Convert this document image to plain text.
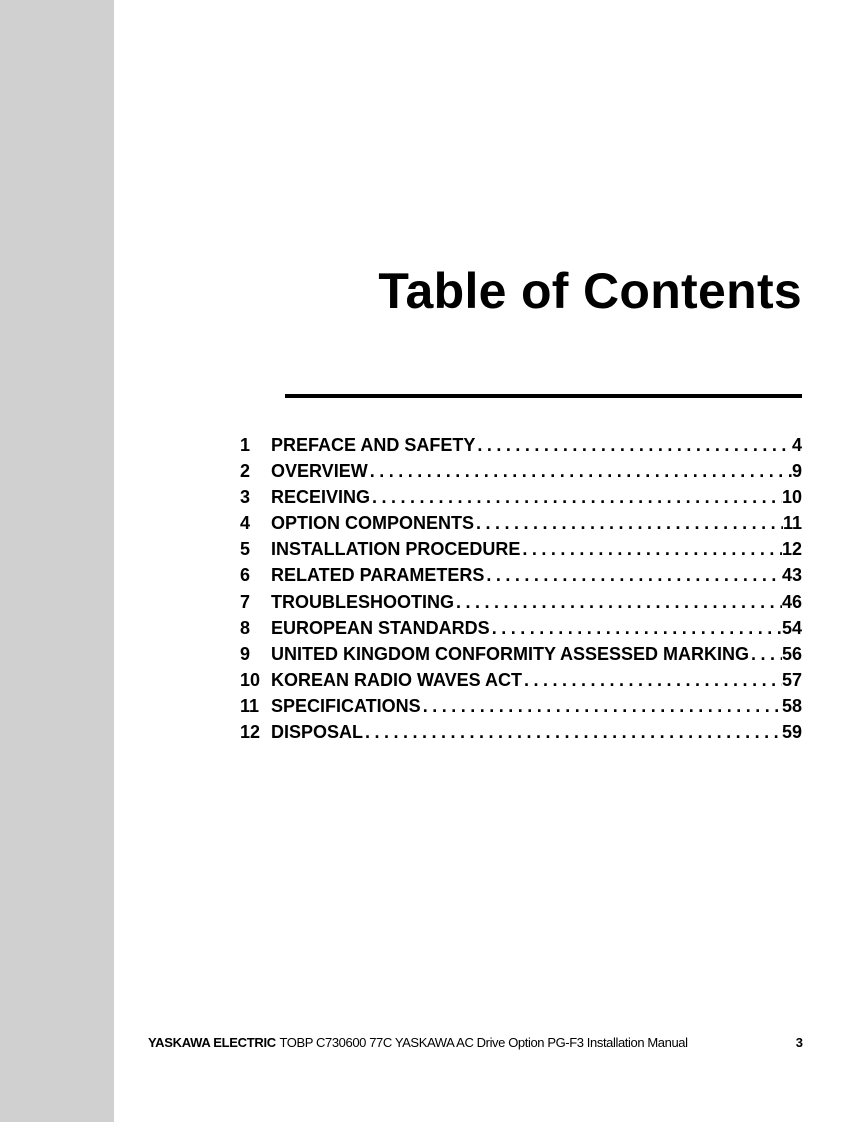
Table of Contents
1	PREFACE AND SAFETY . . .	4
2	OVERVIEW . . .	9
3	RECEIVING . . .	10
4	OPTION COMPONENTS . . .	11
5	INSTALLATION PROCEDURE . . .	12
6	RELATED PARAMETERS . . .	43
7	TROUBLESHOOTING . . .	46
8	EUROPEAN STANDARDS . . .	54
9	UNITED KINGDOM CONFORMITY ASSESSED MARKING . . . 56
10 KOREAN RADIO WAVES ACT . . .	57
11 SPECIFICATIONS . . .	58
12 DISPOSAL . . .	59
YASKAWA ELECTRIC TOBP C730600 77C YASKAWA AC Drive Option PG-F3 Installation Manual	3
